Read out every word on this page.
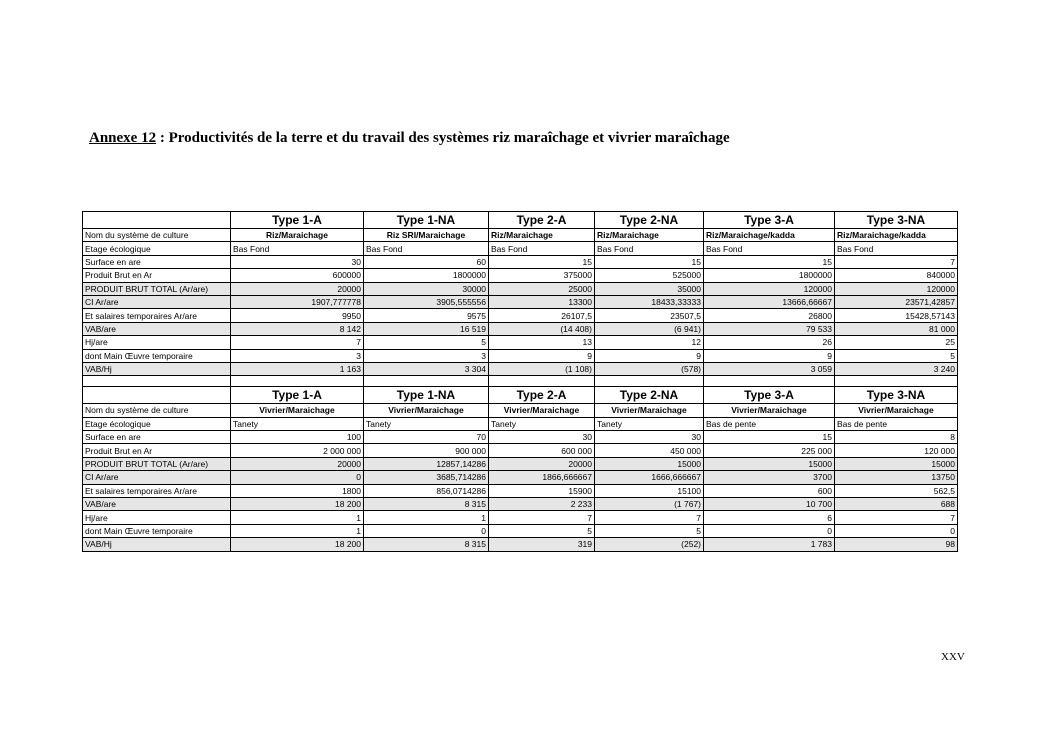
Annexe 12 : Productivités de la terre et du travail des systèmes riz maraîchage et vivrier maraîchage
	Type 1-A	Type 1-NA	Type 2-A	Type 2-NA	Type 3-A	Type 3-NA
Nom du système de culture	Riz/Maraichage	Riz SRI/Maraichage	Riz/Maraichage	Riz/Maraichage	Riz/Maraichage/kadda	Riz/Maraichage/kadda
Etage écologique	Bas Fond	Bas Fond	Bas Fond	Bas Fond	Bas Fond	Bas Fond
Surface en are	30	60	15	15	15	7
Produit Brut en Ar	600000	1800000	375000	525000	1800000	840000
PRODUIT BRUT TOTAL (Ar/are)	20000	30000	25000	35000	120000	120000
CI Ar/are	1907,777778	3905,555556	13300	18433,33333	13666,66667	23571,42857
Et salaires temporaires Ar/are	9950	9575	26107,5	23507,5	26800	15428,57143
VAB/are	8 142	16 519	(14 408)	(6 941)	79 533	81 000
Hj/are	7	5	13	12	26	25
dont Main Œuvre temporaire	3	3	9	9	9	5
VAB/Hj	1 163	3 304	(1 108)	(578)	3 059	3 240

	Type 1-A	Type 1-NA	Type 2-A	Type 2-NA	Type 3-A	Type 3-NA
Nom du système de culture	Vivrier/Maraichage	Vivrier/Maraichage	Vivrier/Maraichage	Vivrier/Maraichage	Vivrier/Maraichage	Vivrier/Maraichage
Etage écologique	Tanety	Tanety	Tanety	Tanety	Bas de pente	Bas de pente
Surface en are	100	70	30	30	15	8
Produit Brut en Ar	2 000 000	900 000	600 000	450 000	225 000	120 000
PRODUIT BRUT TOTAL (Ar/are)	20000	12857,14286	20000	15000	15000	15000
CI Ar/are	0	3685,714286	1866,666667	1666,666667	3700	13750
Et salaires temporaires Ar/are	1800	856,0714286	15900	15100	600	562,5
VAB/are	18 200	8 315	2 233	(1 767)	10 700	688
Hj/are	1	1	7	7	6	7
dont Main Œuvre temporaire	1	0	5	5	0	0
VAB/Hj	18 200	8 315	319	(252)	1 783	98
XXV
